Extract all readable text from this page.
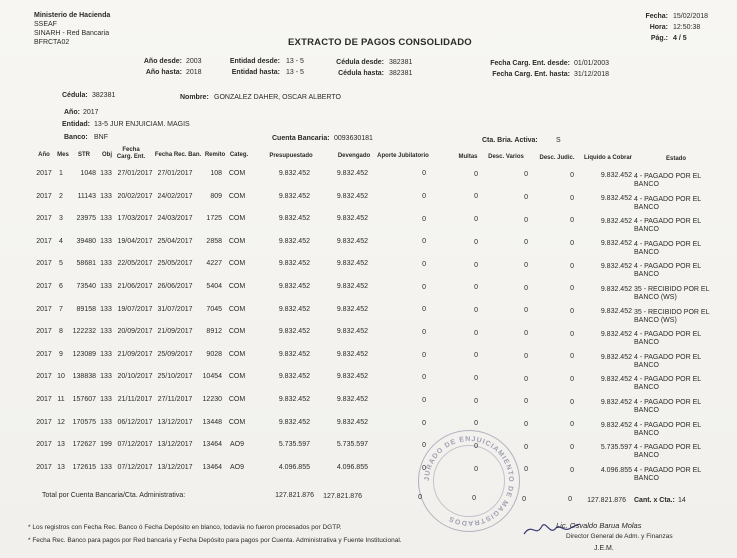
Ministerio de Hacienda
SSEAF
SINARH - Red Bancaria
BFRCTA02	EXTRACTO DE PAGOS CONSOLIDADO
Fecha: 15/02/2018
Hora: 12:50:38
Pág.: 4 / 5
Año desde: 2003
Año hasta: 2018
Entidad desde: 13 - 5
Entidad hasta: 13 - 5
Cédula desde: 382381
Cédula hasta: 382381
Fecha Carg. Ent. desde: 01/01/2003
Fecha Carg. Ent. hasta: 31/12/2018
Cédula: 382381	Nombre: GONZALEZ DAHER, OSCAR ALBERTO
Año: 2017
Entidad: 13-5 JUR ENJUICIAM. MAGIS
Banco: BNF	Cuenta Bancaria: 0093630181	Cta. Bria. Activa:	S
Año	Mes	STR	Obj
Fecha Carg. Ent.	Fecha Rec. Ban. Remito Categ.	Presupuestado	Devengado	Aporte Jubilatorio	Multas	Desc. Varios	Desc. Judic.	Líquido a Cobrar	Estado
2017	1	1048 133 27/01/2017 27/01/2017	108 COM	9.832.452	9.832.452	0	0	0	0	9.832.452 4 - PAGADO POR EL BANCO
2017	2	11143 133 20/02/2017 24/02/2017	809 COM	9.832.452	9.832.452	0	0	0	0	9.832.452 4 - PAGADO POR EL BANCO
2017	3	23975 133 17/03/2017 24/03/2017	1725 COM	9.832.452	9.832.452	0	0	0	0	9.832.452 4 - PAGADO POR EL BANCO
2017	4	39480 133 19/04/2017 25/04/2017	2858 COM	9.832.452	9.832.452	0	0	0	0	9.832.452 4 - PAGADO POR EL BANCO
2017	5	58681 133 22/05/2017 25/05/2017	4227 COM	9.832.452	9.832.452	0	0	0	0	9.832.452 4 - PAGADO POR EL BANCO
2017	6	73540 133 21/06/2017 26/06/2017	5404 COM	9.832.452	9.832.452	0	0	0	0	9.832.452 35 - RECIBIDO POR EL BANCO (WS)
2017	7	89158 133 19/07/2017 31/07/2017	7045 COM	9.832.452	9.832.452	0	0	0	0	9.832.452 35 - RECIBIDO POR EL BANCO (WS)
2017	8	122232 133 20/09/2017 21/09/2017	8912 COM	9.832.452	9.832.452	0	0	0	0	9.832.452 4 - PAGADO POR EL BANCO
2017	9	123089 133 21/09/2017 25/09/2017	9028 COM	9.832.452	9.832.452	0	0	0	0	9.832.452 4 - PAGADO POR EL BANCO
2017 10	138838 133 20/10/2017 25/10/2017	10454 COM	9.832.452	9.832.452	0	0	0	0	9.832.452 4 - PAGADO POR EL BANCO
2017 11	157607 133 21/11/2017 27/11/2017	12230 COM	9.832.452	9.832.452	0	0	0	0	9.832.452 4 - PAGADO POR EL BANCO
2017 12	170575 133 06/12/2017 13/12/2017	13448 COM	9.832.452	9.832.452	0	0	0	0	9.832.452 4 - PAGADO POR EL BANCO
2017 13	172627 199 07/12/2017 13/12/2017	13464	AO9	5.735.597	5.735.597	0	0	0	0	5.735.597 4 - PAGADO POR EL BANCO
2017 13	172615 133 07/12/2017 13/12/2017	13464	AO9	4.096.855	4.096.855	0	0	0	0	4.096.855 4 - PAGADO POR EL BANCO
Total por Cuenta Bancaria/Cta. Administrativa:	127.821.876	127.821.876	0	0	0	0	127.821.876 Cant. x Cta.: 14
* Los registros con Fecha Rec. Banco ó Fecha Depósito en blanco, todavía no fueron procesados por DGTP.
* Fecha Rec. Banco para pagos por Red bancaria y Fecha Depósito para pagos por Cuenta. Administrativa y Fuente Institucional.
JURADO DE ENJUICIAMIENTO DE MAGISTRADOS
Lic. Osvaldo Barua Molas
Director General de Adm. y Finanzas
J.E.M.
